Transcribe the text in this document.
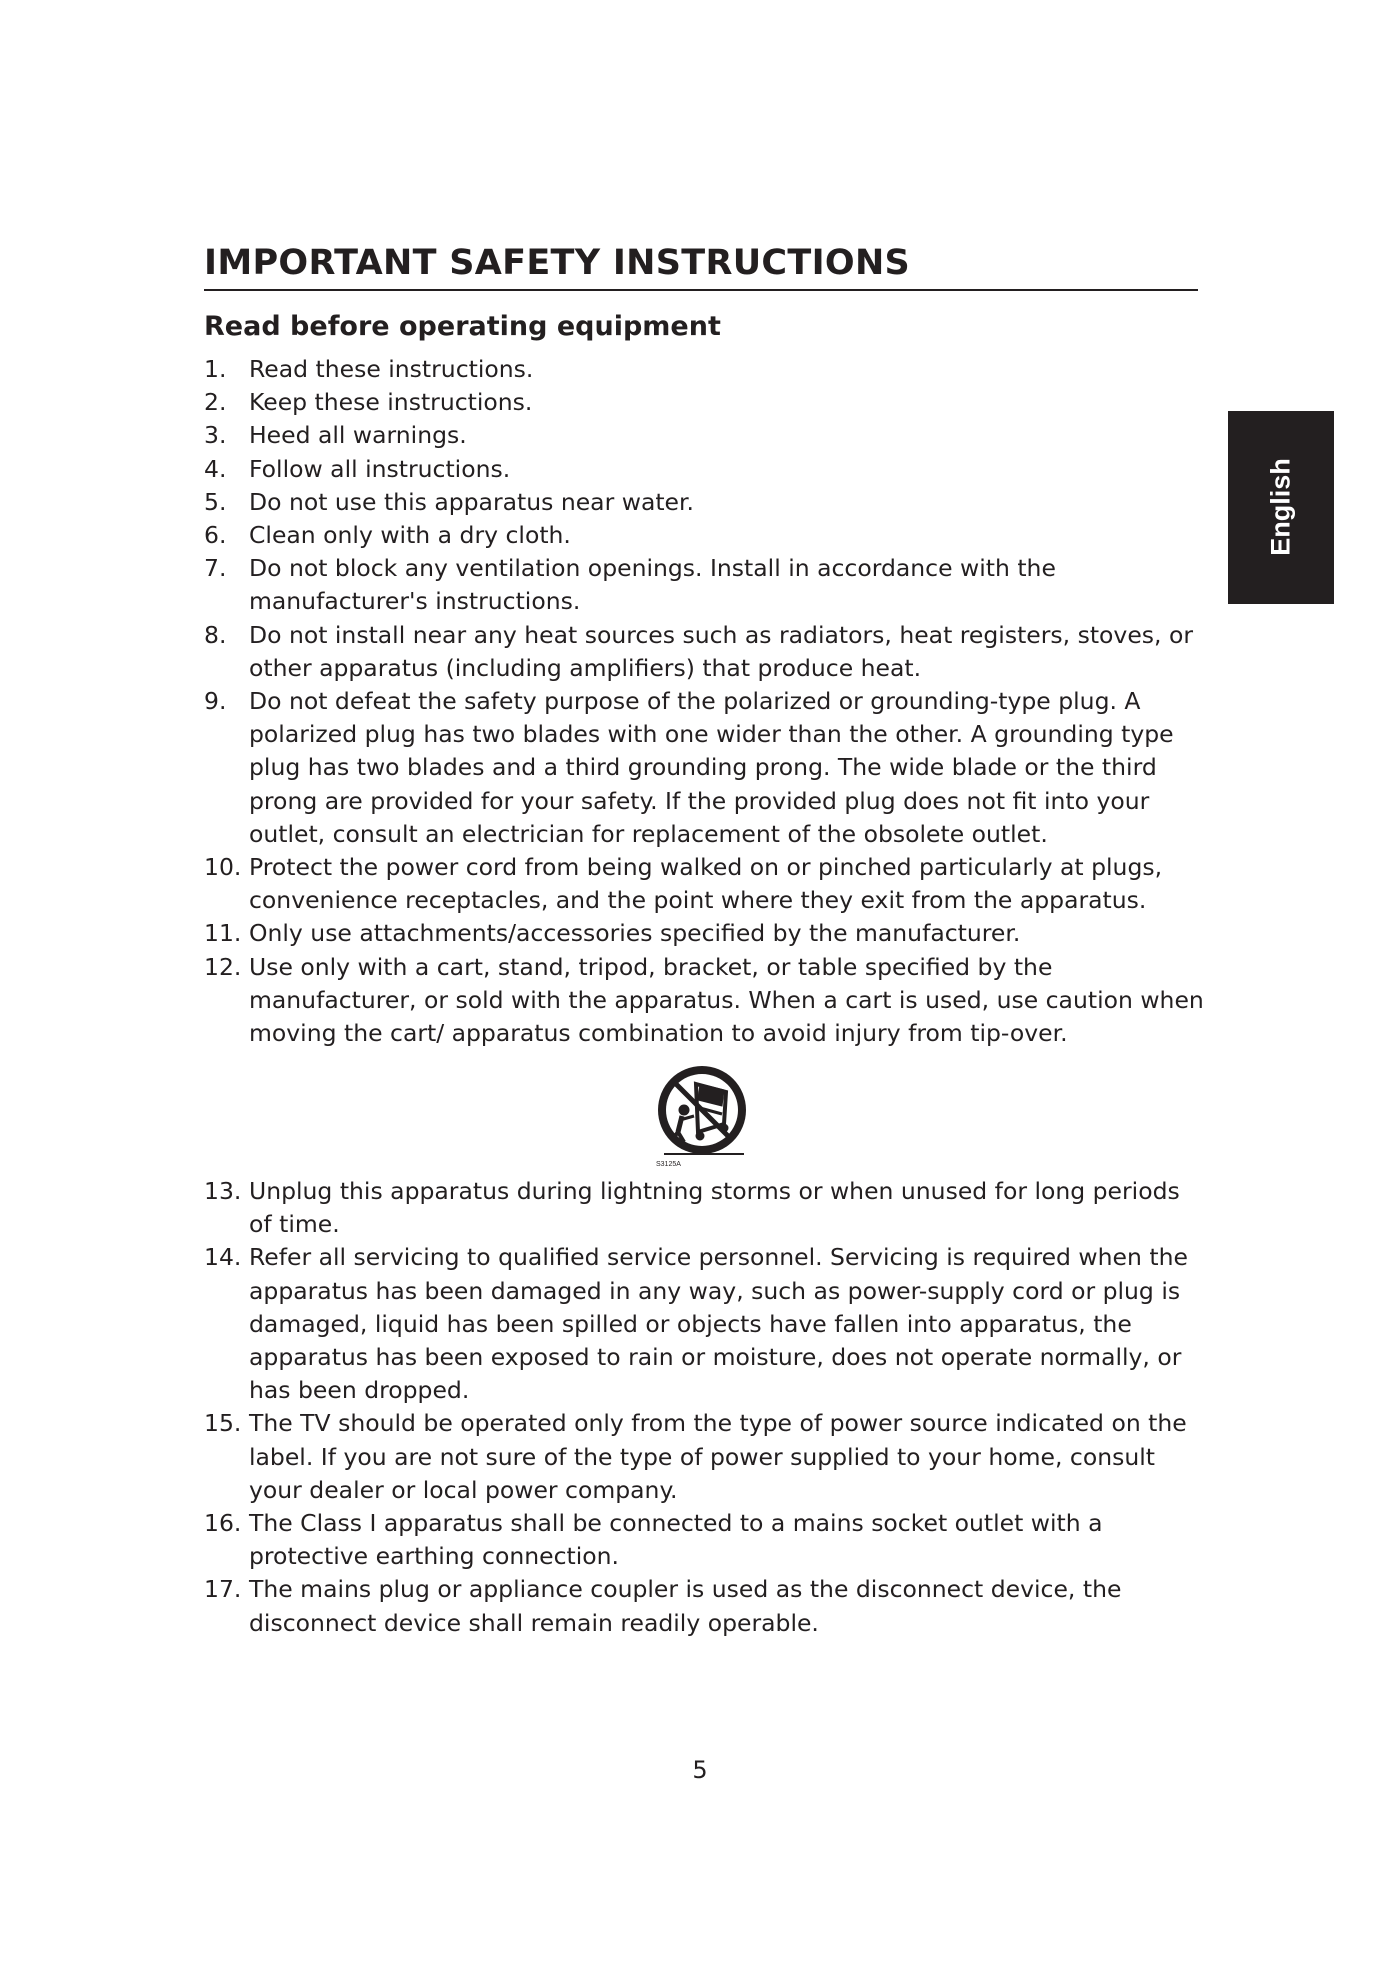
IMPORTANT SAFETY INSTRUCTIONS
Read before operating equipment
English
1. Read these instructions.
2. Keep these instructions.
3. Heed all warnings.
4. Follow all instructions.
5. Do not use this apparatus near water.
6. Clean only with a dry cloth.
7. Do not block any ventilation openings. Install in accordance with the manufacturer's instructions.
8. Do not install near any heat sources such as radiators, heat registers, stoves, or other apparatus (including amplifiers) that produce heat.
9. Do not defeat the safety purpose of the polarized or grounding-type plug. A polarized plug has two blades with one wider than the other. A grounding type plug has two blades and a third grounding prong. The wide blade or the third prong are provided for your safety. If the provided plug does not fit into your outlet, consult an electrician for replacement of the obsolete outlet.
10. Protect the power cord from being walked on or pinched particularly at plugs, convenience receptacles, and the point where they exit from the apparatus.
11. Only use attachments/accessories specified by the manufacturer.
12. Use only with a cart, stand, tripod, bracket, or table specified by the manufacturer, or sold with the apparatus. When a cart is used, use caution when moving the cart/ apparatus combination to avoid injury from tip-over.
S3125A
13. Unplug this apparatus during lightning storms or when unused for long periods of time.
14. Refer all servicing to qualified service personnel. Servicing is required when the apparatus has been damaged in any way, such as power-supply cord or plug is damaged, liquid has been spilled or objects have fallen into apparatus, the apparatus has been exposed to rain or moisture, does not operate normally, or has been dropped.
15. The TV should be operated only from the type of power source indicated on the label. If you are not sure of the type of power supplied to your home, consult your dealer or local power company.
16. The Class I apparatus shall be connected to a mains socket outlet with a protective earthing connection.
17. The mains plug or appliance coupler is used as the disconnect device, the disconnect device shall remain readily operable.
5
